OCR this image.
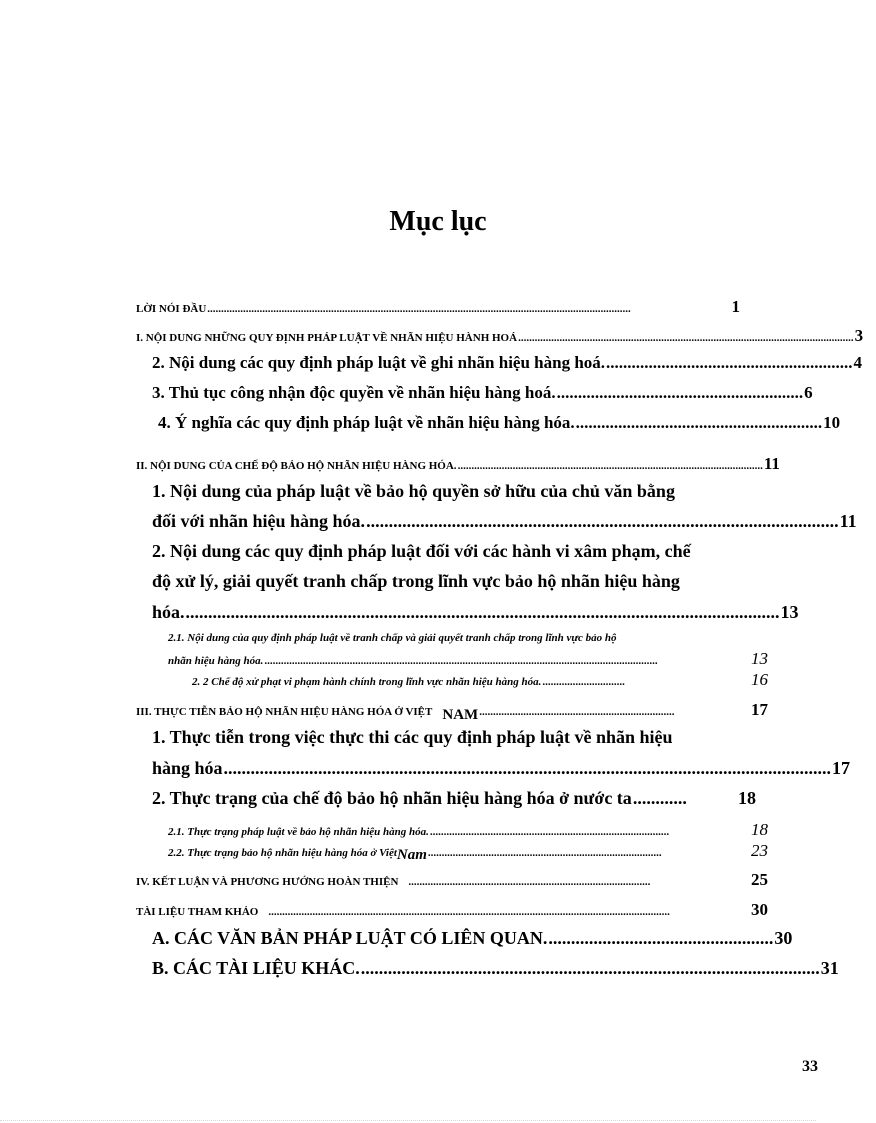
Mục lục
LỜI NÓI ĐẦU ..........................................................................................................................................................	1
I. NỘI DUNG NHỮNG QUY ĐỊNH PHÁP LUẬT VỀ NHÃN HIỆU HÀNH HOÁ .......................................................................................................................... 3
2. Nội dung các quy định pháp luật về ghi nhãn hiệu hàng hoá. .......................................................... 4
3. Thủ tục công nhận độc quyền về nhãn hiệu hàng hoá. .......................................................... 6
4. Ý nghĩa các quy định pháp luật về nhãn hiệu hàng hóa. .......................................................... 10
II. NỘI DUNG CỦA CHẾ ĐỘ BẢO HỘ NHÃN HIỆU HÀNG HÓA. ............................................................................................................... 11
1. Nội dung của pháp luật về bảo hộ quyền sở hữu của chủ văn bằng
đối với nhãn hiệu hàng hóa. ......................................................................................................... 11
2. Nội dung các quy định pháp luật đối với các hành vi xâm phạm, chế
độ xử lý, giải quyết tranh chấp trong lĩnh vực bảo hộ nhãn hiệu hàng
hóa. .................................................................................................................................... 13
2.1. Nội dung của quy định pháp luật về tranh chấp và giải quyết tranh chấp trong lĩnh vực bảo hộ
nhãn hiệu hàng hóa. ...............................................................................................................................................	13
2. 2 Chế độ xử phạt vi phạm hành chính trong lĩnh vực nhãn hiệu hàng hóa. ..............................	16
III. THỰC TIỄN BẢO HỘ NHÃN HIỆU HÀNG HÓA Ở VIỆT NAM .......................................................................	17
1. Thực tiễn trong việc thực thi các quy định pháp luật về nhãn hiệu
hàng hóa ....................................................................................................................................... 17
2. Thực trạng của chế độ bảo hộ nhãn hiệu hàng hóa ở nước ta ............	18
2.1. Thực trạng pháp luật về bảo hộ nhãn hiệu hàng hóa. .......................................................................................	18
2.2. Thực trạng bảo hộ nhãn hiệu hàng hóa ở Việt Nam .....................................................................................	23
IV. KẾT LUẬN VÀ PHƯƠNG HƯỚNG HOÀN THIỆN ........................................................................................	25
TÀI LIỆU THAM KHẢO ..................................................................................................................................................	30
A. CÁC VĂN BẢN PHÁP LUẬT CÓ LIÊN QUAN. .................................................. 30
B. CÁC TÀI LIỆU KHÁC. ...................................................................................................... 31
33
